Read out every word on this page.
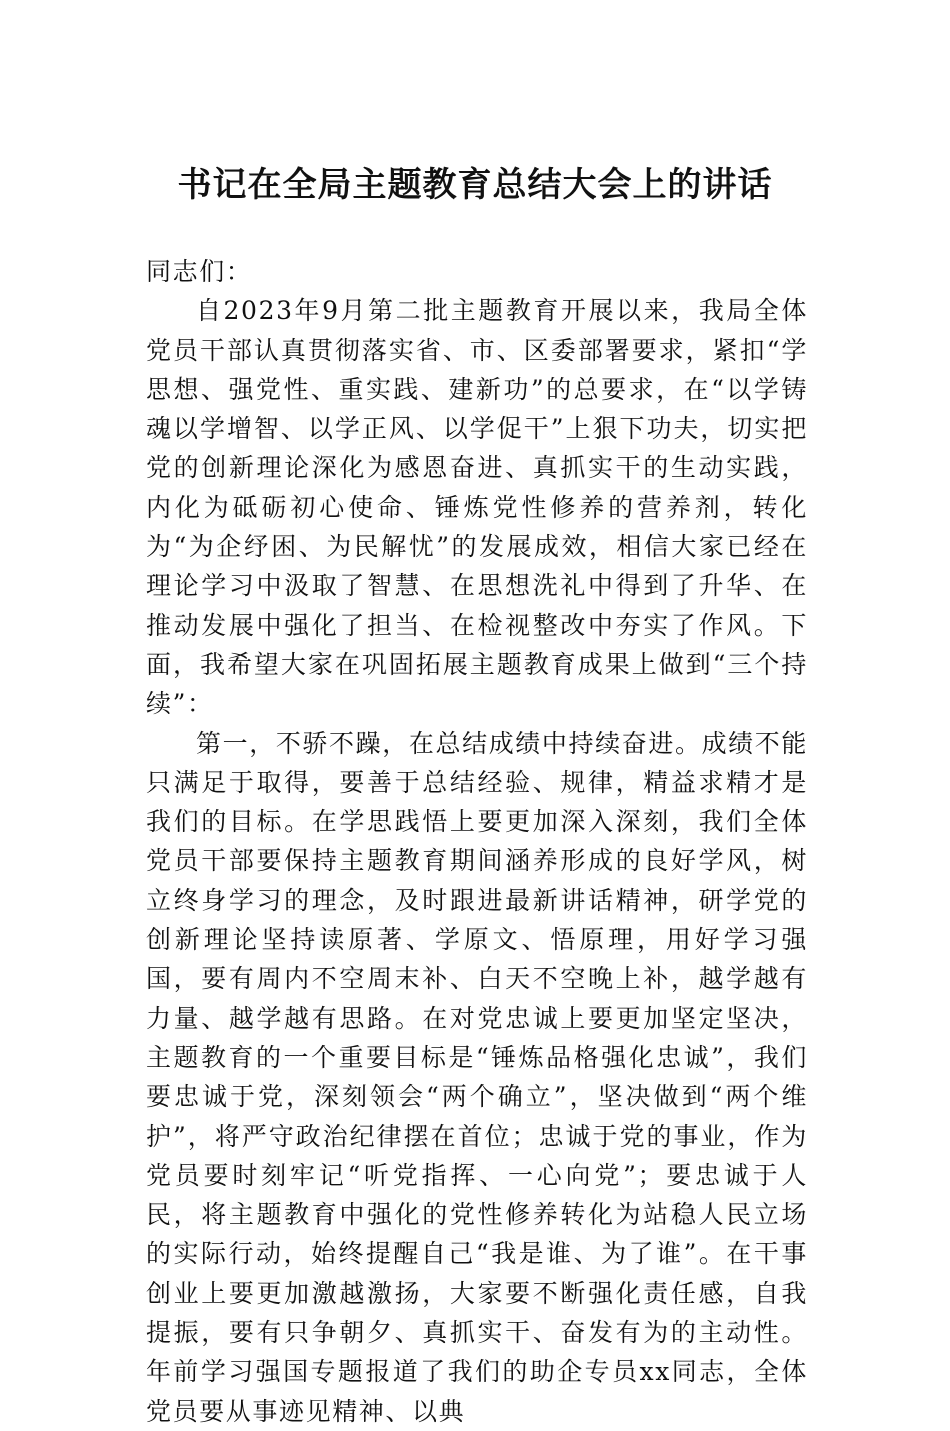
书记在全局主题教育总结大会上的讲话

同志们：

自2023年9月第二批主题教育开展以来，我局全体党员干部认真贯彻落实省、市、区委部署要求，紧扣“学思想、强党性、重实践、建新功”的总要求，在“以学铸魂以学增智、以学正风、以学促干”上狠下功夫，切实把党的创新理论深化为感恩奋进、真抓实干的生动实践，内化为砥砺初心使命、锤炼党性修养的营养剂，转化为“为企纾困、为民解忧”的发展成效，相信大家已经在理论学习中汲取了智慧、在思想洗礼中得到了升华、在推动发展中强化了担当、在检视整改中夯实了作风。下面，我希望大家在巩固拓展主题教育成果上做到“三个持续”：

第一，不骄不躁，在总结成绩中持续奋进。成绩不能只满足于取得，要善于总结经验、规律，精益求精才是我们的目标。在学思践悟上要更加深入深刻，我们全体党员干部要保持主题教育期间涵养形成的良好学风，树立终身学习的理念，及时跟进最新讲话精神，研学党的创新理论坚持读原著、学原文、悟原理，用好学习强国，要有周内不空周末补、白天不空晚上补，越学越有力量、越学越有思路。在对党忠诚上要更加坚定坚决，主题教育的一个重要目标是“锤炼品格强化忠诚”，我们要忠诚于党，深刻领会“两个确立”，坚决做到“两个维护”，将严守政治纪律摆在首位；忠诚于党的事业，作为党员要时刻牢记“听党指挥、一心向党”；要忠诚于人民，将主题教育中强化的党性修养转化为站稳人民立场的实际行动，始终提醒自己“我是谁、为了谁”。在干事创业上要更加激越激扬，大家要不断强化责任感，自我提振，要有只争朝夕、真抓实干、奋发有为的主动性。年前学习强国专题报道了我们的助企专员xx同志，全体党员要从事迹见精神、以典
